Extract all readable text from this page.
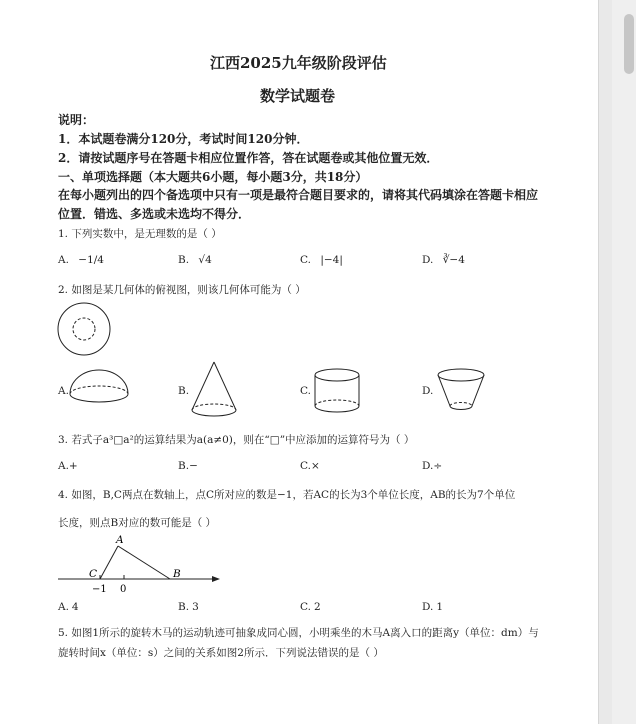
江西2025九年级阶段评估
数学试题卷
说明：
1．本试题卷满分120分，考试时间120分钟．
2．请按试题序号在答题卡相应位置作答，答在试题卷或其他位置无效．
一、单项选择题（本大题共6小题，每小题3分，共18分）
在每小题列出的四个备选项中只有一项是最符合题目要求的，请将其代码填涂在答题卡相应
位置．错选、多选或未选均不得分．
1. 下列实数中，是无理数的是（ ）
A. −1/4	B. √4	C. |−4|	D. ∛−4
2. 如图是某几何体的俯视图，则该几何体可能为（ ）
A.	B.	C.	D.
3. 若式子a³□a²的运算结果为a(a≠0)，则在“□”中应添加的运算符号为（ ）
A.+	B.−	C.×	D.÷
4. 如图，B,C两点在数轴上，点C所对应的数是−1，若AC的长为3个单位长度，AB的长为7个单位
长度，则点B对应的数可能是（ ）
A
C	B
−1 0
A. 4	B. 3	C. 2	D. 1
5. 如图1所示的旋转木马的运动轨迹可抽象成同心圆，小明乘坐的木马A离入口的距离y（单位：dm）与
旋转时间x（单位：s）之间的关系如图2所示．下列说法错误的是（ ）
